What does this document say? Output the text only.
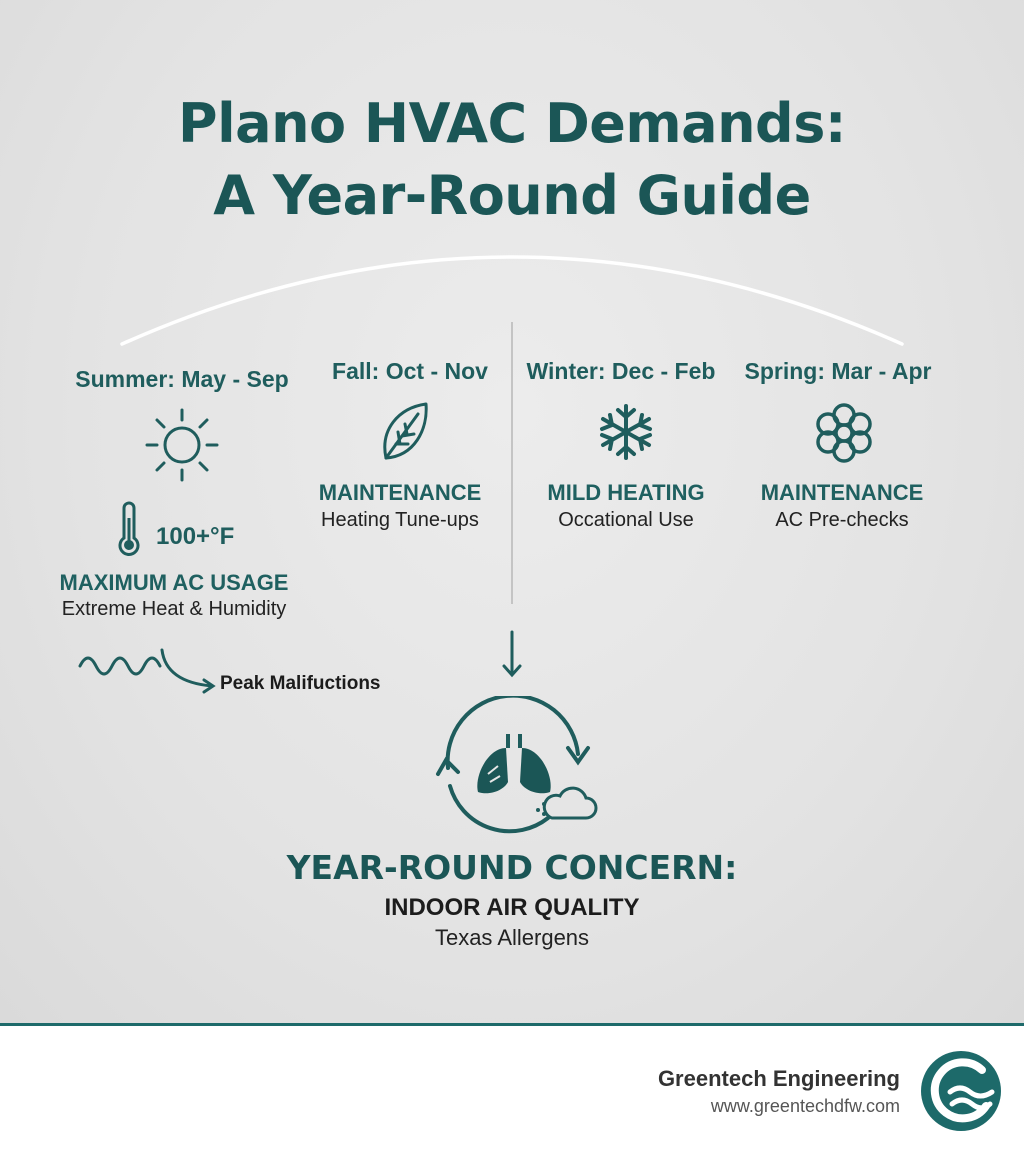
Plano HVAC Demands:
A Year-Round Guide
Summer: May - Sep
100+°F
MAXIMUM AC USAGE
Extreme Heat & Humidity
Peak Malifuctions
Fall: Oct - Nov
MAINTENANCE
Heating Tune-ups
Winter: Dec - Feb
MILD HEATING
Occational Use
Spring: Mar - Apr
MAINTENANCE
AC Pre-checks
YEAR-ROUND CONCERN:
INDOOR AIR QUALITY
Texas Allergens
Greentech Engineering
www.greentechdfw.com
